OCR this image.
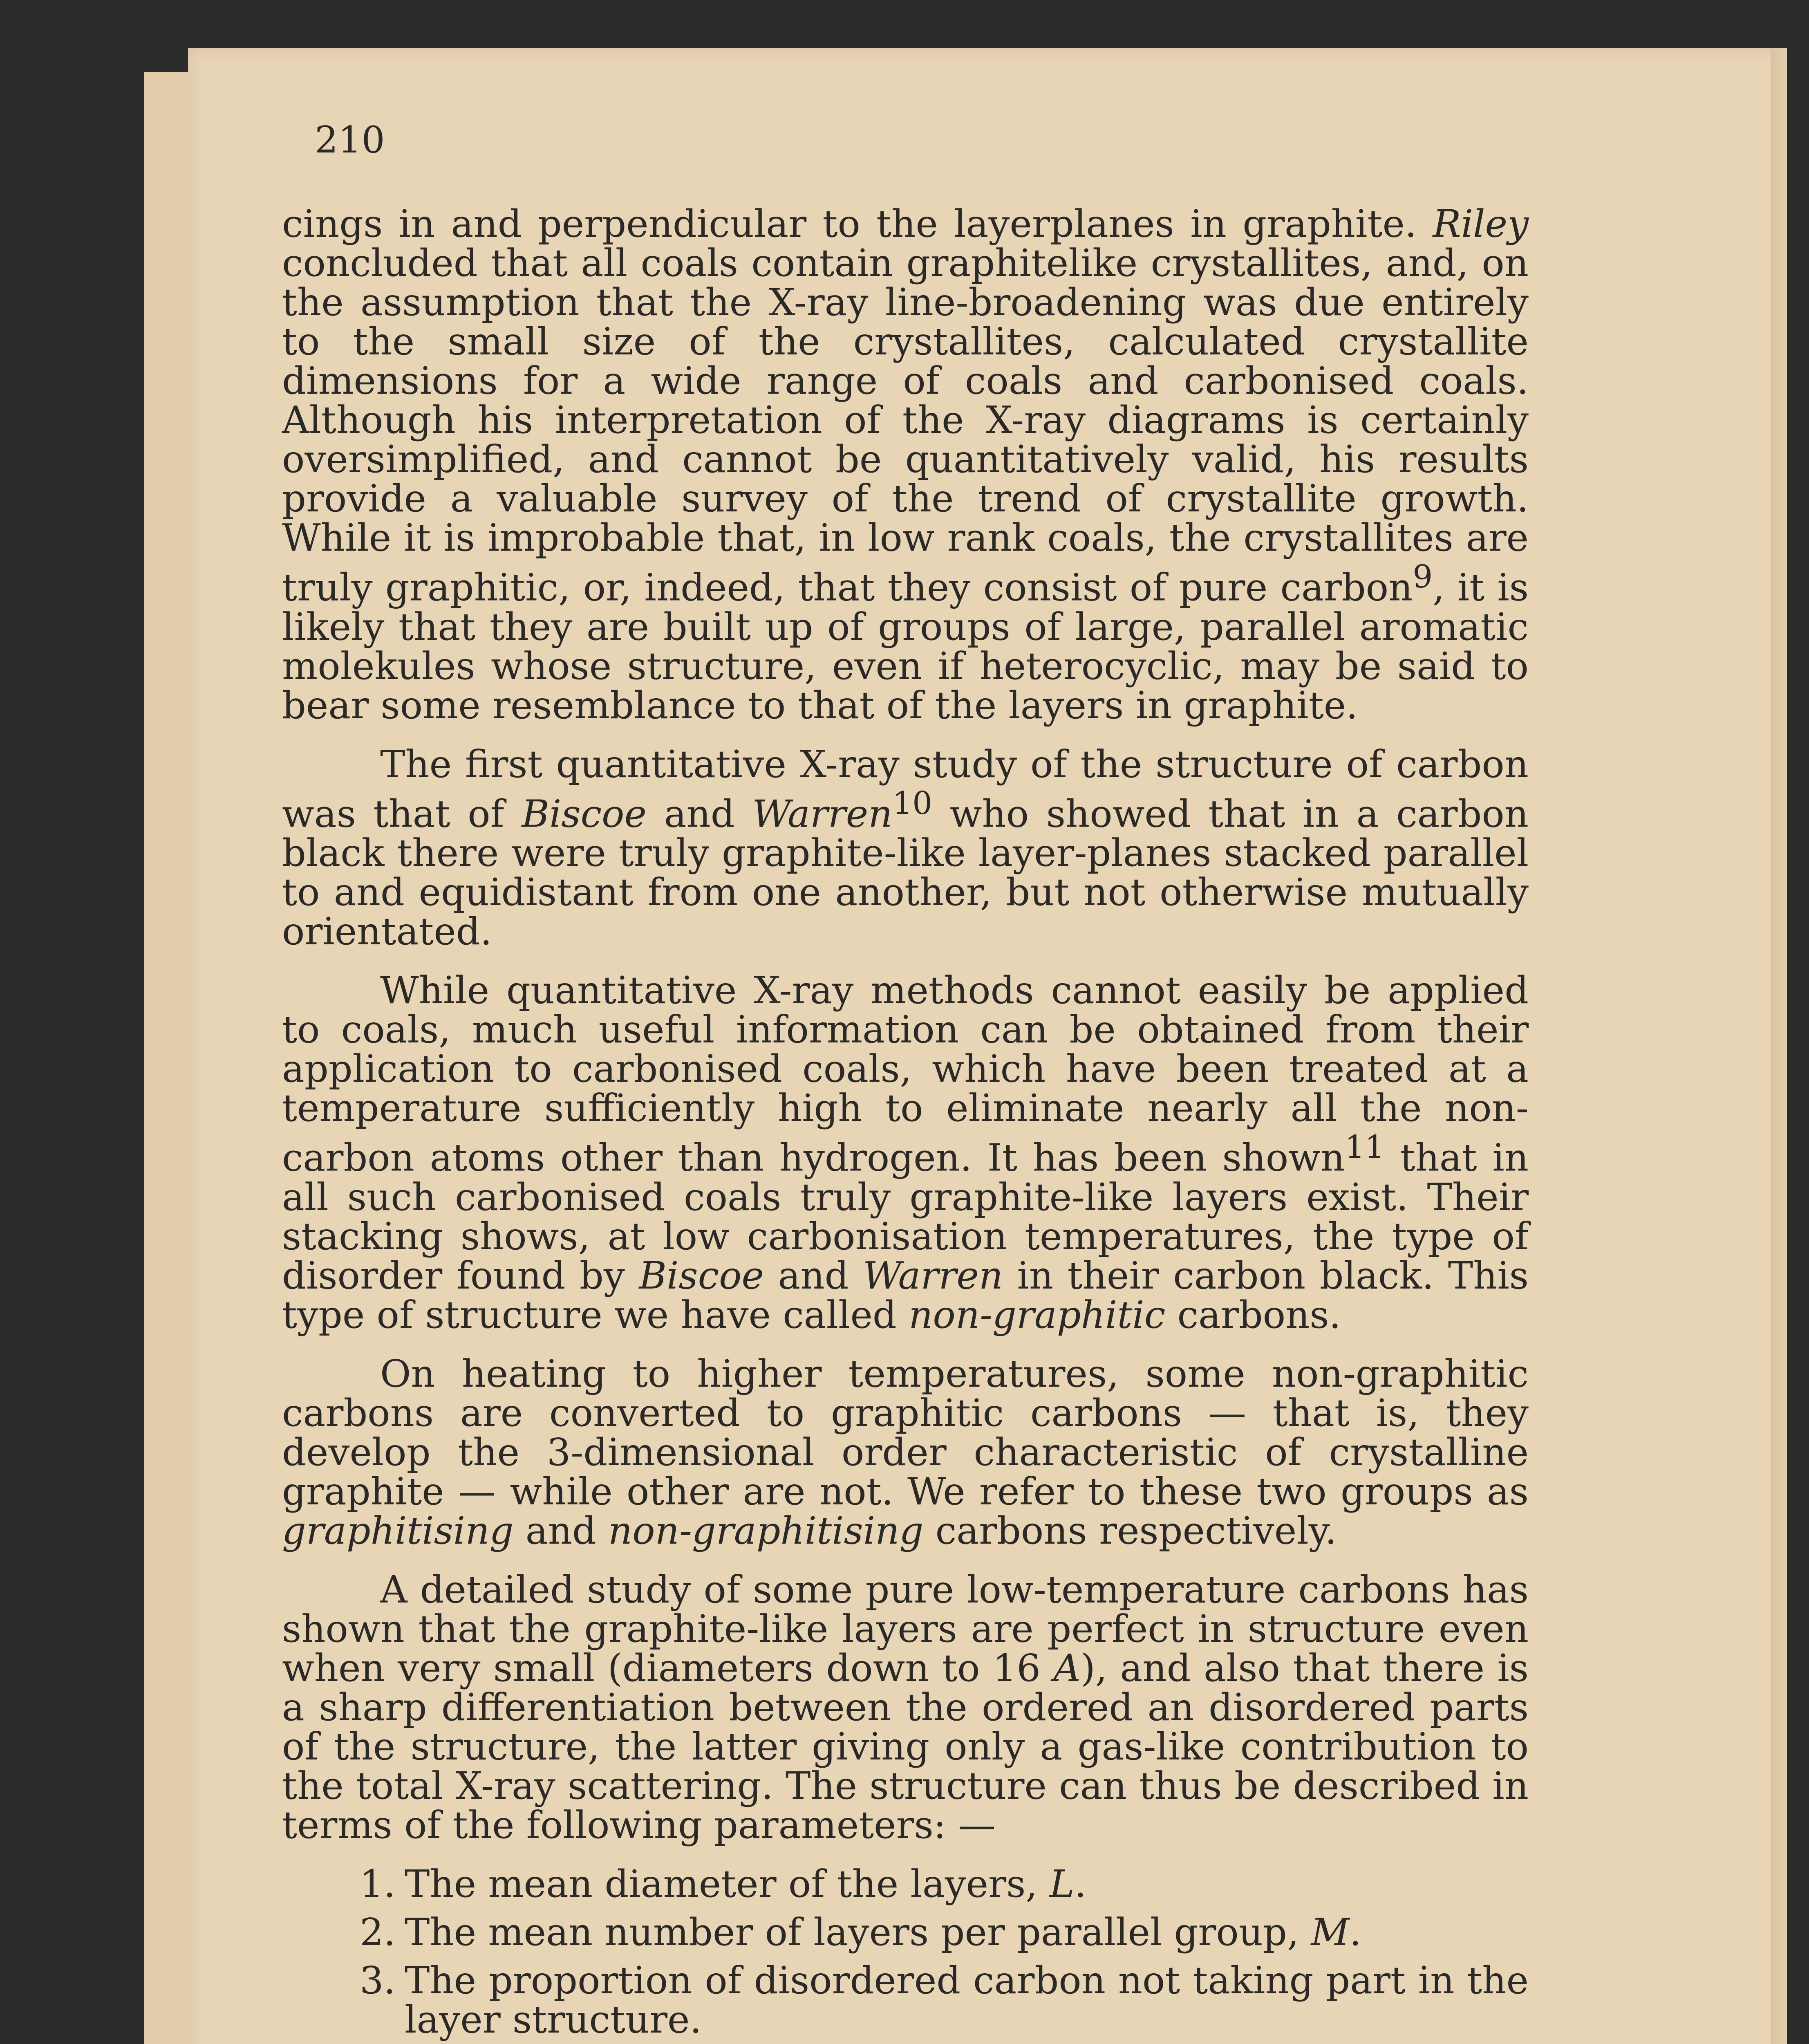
210

cings in and perpendicular to the layerplanes in graphite. Riley concluded that all coals contain graphitelike crystallites, and, on the assumption that the X-ray line-broadening was due entirely to the small size of the crystallites, calculated crystallite dimensions for a wide range of coals and carbonised coals. Although his interpretation of the X-ray diagrams is certainly oversimplified, and cannot be quantitatively valid, his results provide a valuable survey of the trend of crystallite growth. While it is improbable that, in low rank coals, the crystallites are truly graphitic, or, indeed, that they consist of pure carbon$^9$, it is likely that they are built up of groups of large, parallel aromatic molekules whose structure, even if heterocyclic, may be said to bear some resemblance to that of the layers in graphite.

The first quantitative X-ray study of the structure of carbon was that of Biscoe and Warren$^{10}$ who showed that in a carbon black there were truly graphite-like layer-planes stacked parallel to and equidistant from one another, but not otherwise mutually orientated.

While quantitative X-ray methods cannot easily be applied to coals, much useful information can be obtained from their application to carbonised coals, which have been treated at a temperature sufficiently high to eliminate nearly all the non-carbon atoms other than hydrogen. It has been shown$^{11}$ that in all such carbonised coals truly graphite-like layers exist. Their stacking shows, at low carbonisation temperatures, the type of disorder found by Biscoe and Warren in their carbon black. This type of structure we have called non-graphitic carbons.

On heating to higher temperatures, some non-graphitic carbons are converted to graphitic carbons — that is, they develop the 3-dimensional order characteristic of crystalline graphite — while other are not. We refer to these two groups as graphitising and non-graphitising carbons respectively.

A detailed study of some pure low-temperature carbons has shown that the graphite-like layers are perfect in structure even when very small (diameters down to 16 A), and also that there is a sharp differentiation between the ordered an disordered parts of the structure, the latter giving only a gas-like contribution to the total X-ray scattering. The structure can thus be described in terms of the following parameters: —

1. The mean diameter of the layers, L.
2. The mean number of layers per parallel group, M.
3. The proportion of disordered carbon not taking part in the layer structure.
